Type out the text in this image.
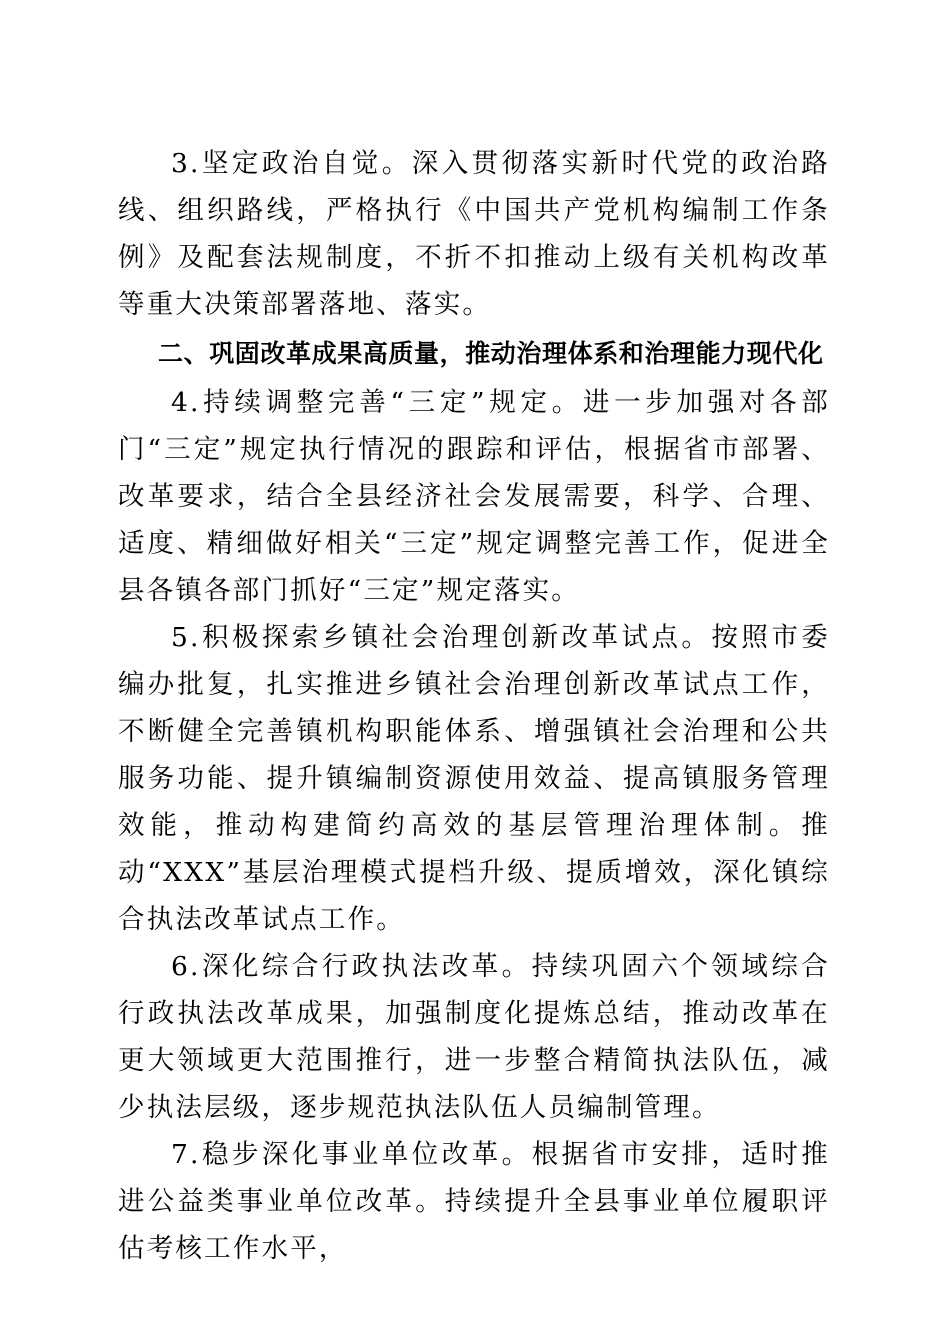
3.坚定政治自觉。深入贯彻落实新时代党的政治路线、组织路线，严格执行《中国共产党机构编制工作条例》及配套法规制度，不折不扣推动上级有关机构改革等重大决策部署落地、落实。

二、巩固改革成果高质量，推动治理体系和治理能力现代化

4.持续调整完善“三定”规定。进一步加强对各部门“三定”规定执行情况的跟踪和评估，根据省市部署、改革要求，结合全县经济社会发展需要，科学、合理、适度、精细做好相关“三定”规定调整完善工作，促进全县各镇各部门抓好“三定”规定落实。

5.积极探索乡镇社会治理创新改革试点。按照市委编办批复，扎实推进乡镇社会治理创新改革试点工作，不断健全完善镇机构职能体系、增强镇社会治理和公共服务功能、提升镇编制资源使用效益、提高镇服务管理效能，推动构建简约高效的基层管理治理体制。推动“XXX”基层治理模式提档升级、提质增效，深化镇综合执法改革试点工作。

6.深化综合行政执法改革。持续巩固六个领域综合行政执法改革成果，加强制度化提炼总结，推动改革在更大领域更大范围推行，进一步整合精简执法队伍，减少执法层级，逐步规范执法队伍人员编制管理。

7.稳步深化事业单位改革。根据省市安排，适时推进公益类事业单位改革。持续提升全县事业单位履职评估考核工作水平，
